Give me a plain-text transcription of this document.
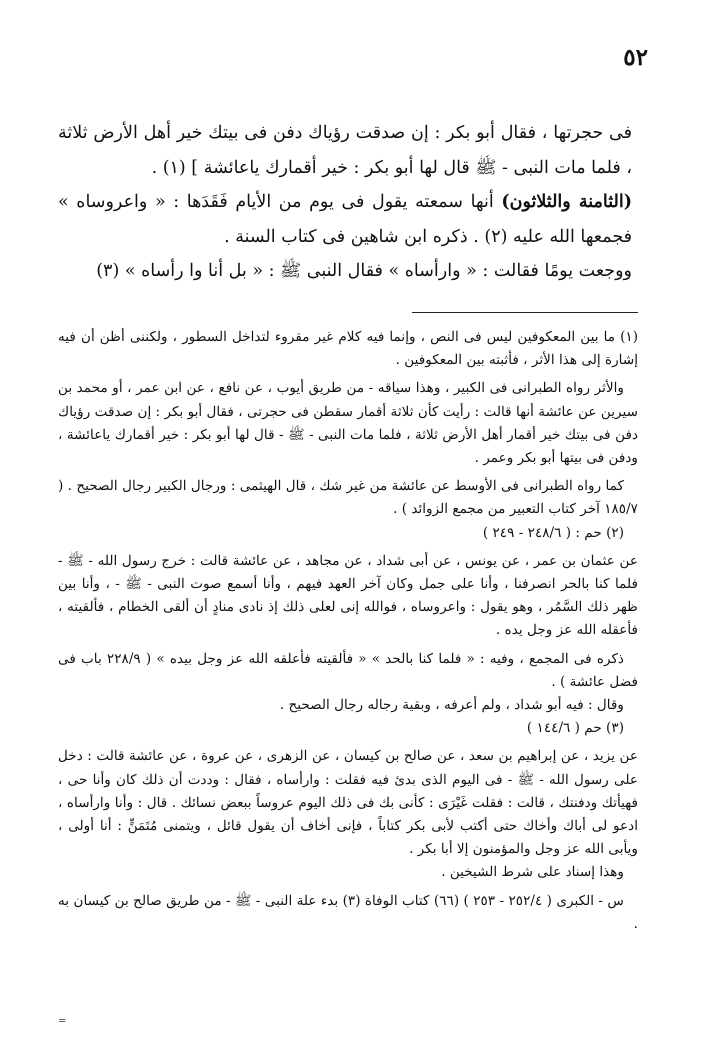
٥٢

فى حجرتها ، فقال أبو بكر : إن صدقت رؤياك دفن فى بيتك خير أهل الأرض ثلاثة ، فلما مات النبى - ﷺ قال لها أبو بكر : خير أقمارك ياعائشة ] (١) .

(الثامنة والثلاثون) أنها سمعته يقول فى يوم من الأيام فَقَدَها : « واعروساه » فجمعها الله عليه (٢) . ذكره ابن شاهين فى كتاب السنة .

ووجعت يومًا فقالت : « وارأساه » فقال النبى ﷺ : « بل أنا وا رأساه » (٣)

(١) ما بين المعكوفين ليس فى النص ، وإنما فيه كلام غير مقروء لتداخل السطور ، ولكننى أظن أن فيه إشارة إلى هذا الأثر ، فأثبته بين المعكوفين .

والأثر رواه الطبرانى فى الكبير ، وهذا سياقه - من طريق أيوب ، عن نافع ، عن ابن عمر ، أو محمد بن سيرين عن عائشة أنها قالت : رأيت كأن ثلاثة أقمار سقطن فى حجرتى ، فقال أبو بكر : إن صدقت رؤياك دفن فى بيتك خير أقمار أهل الأرض ثلاثة ، فلما مات النبى - ﷺ - قال لها أبو بكر : خير أقمارك ياعائشة ، ودفن فى بيتها أبو بكر وعمر .

كما رواه الطبرانى فى الأوسط عن عائشة من غير شك ، قال الهيثمى : ورجال الكبير رجال الصحيح . ( ١٨٥/٧ آخر كتاب التعبير من مجمع الزوائد ) .

(٢) حم : ( ٢٤٨/٦ - ٢٤٩ )

عن عثمان بن عمر ، عن يونس ، عن أبى شداد ، عن مجاهد ، عن عائشة قالت : خرج رسول الله - ﷺ - فلما كنا بالحر انصرفنا ، وأنا على جمل وكان آخر العهد فيهم ، وأنا أسمع صوت النبى - ﷺ - ، وأنا بين ظهر ذلك السَّمُر ، وهو يقول : واعروساه ، فوالله إنى لعلى ذلك إذ نادى منادٍ أن ألقى الخطام ، فألقيته ، فأعقله الله عز وجل يده .

ذكره فى المجمع ، وفيه : « فلما كنا بالحد » « فألقيته فأعلقه الله عز وجل بيده » ( ٢٢٨/٩ باب فى فضل عائشة ) .

وقال : فيه أبو شداد ، ولم أعرفه ، وبقية رجاله رجال الصحيح .

(٣) حم ( ١٤٤/٦ )

عن يزيد ، عن إبراهيم بن سعد ، عن صالح بن كيسان ، عن الزهرى ، عن عروة ، عن عائشة قالت : دخل على رسول الله - ﷺ - فى اليوم الذى بدئ فيه فقلت : وارأساه ، فقال : وددت أن ذلك كان وأنا حى ، فهيأتك ودفنتك ، قالت : فقلت غَيْرَى : كأنى بك فى ذلك اليوم عروساً ببعض نسائك . قال : وأنا وارأساه ، ادعو لى أباك وأخاك حتى أكتب لأبى بكر كتاباً ، فإنى أخاف أن يقول قائل ، ويتمنى مُتَمَنٍّ : أنا أولى ، ويأبى الله عز وجل والمؤمنون إلا أبا بكر .

وهذا إسناد على شرط الشيخين .

س - الكبرى ( ٢٥٢/٤ - ٢٥٣ ) (٦٦) كتاب الوفاة (٣) بدء علة النبى - ﷺ - من طريق صالح بن كيسان به .

=
